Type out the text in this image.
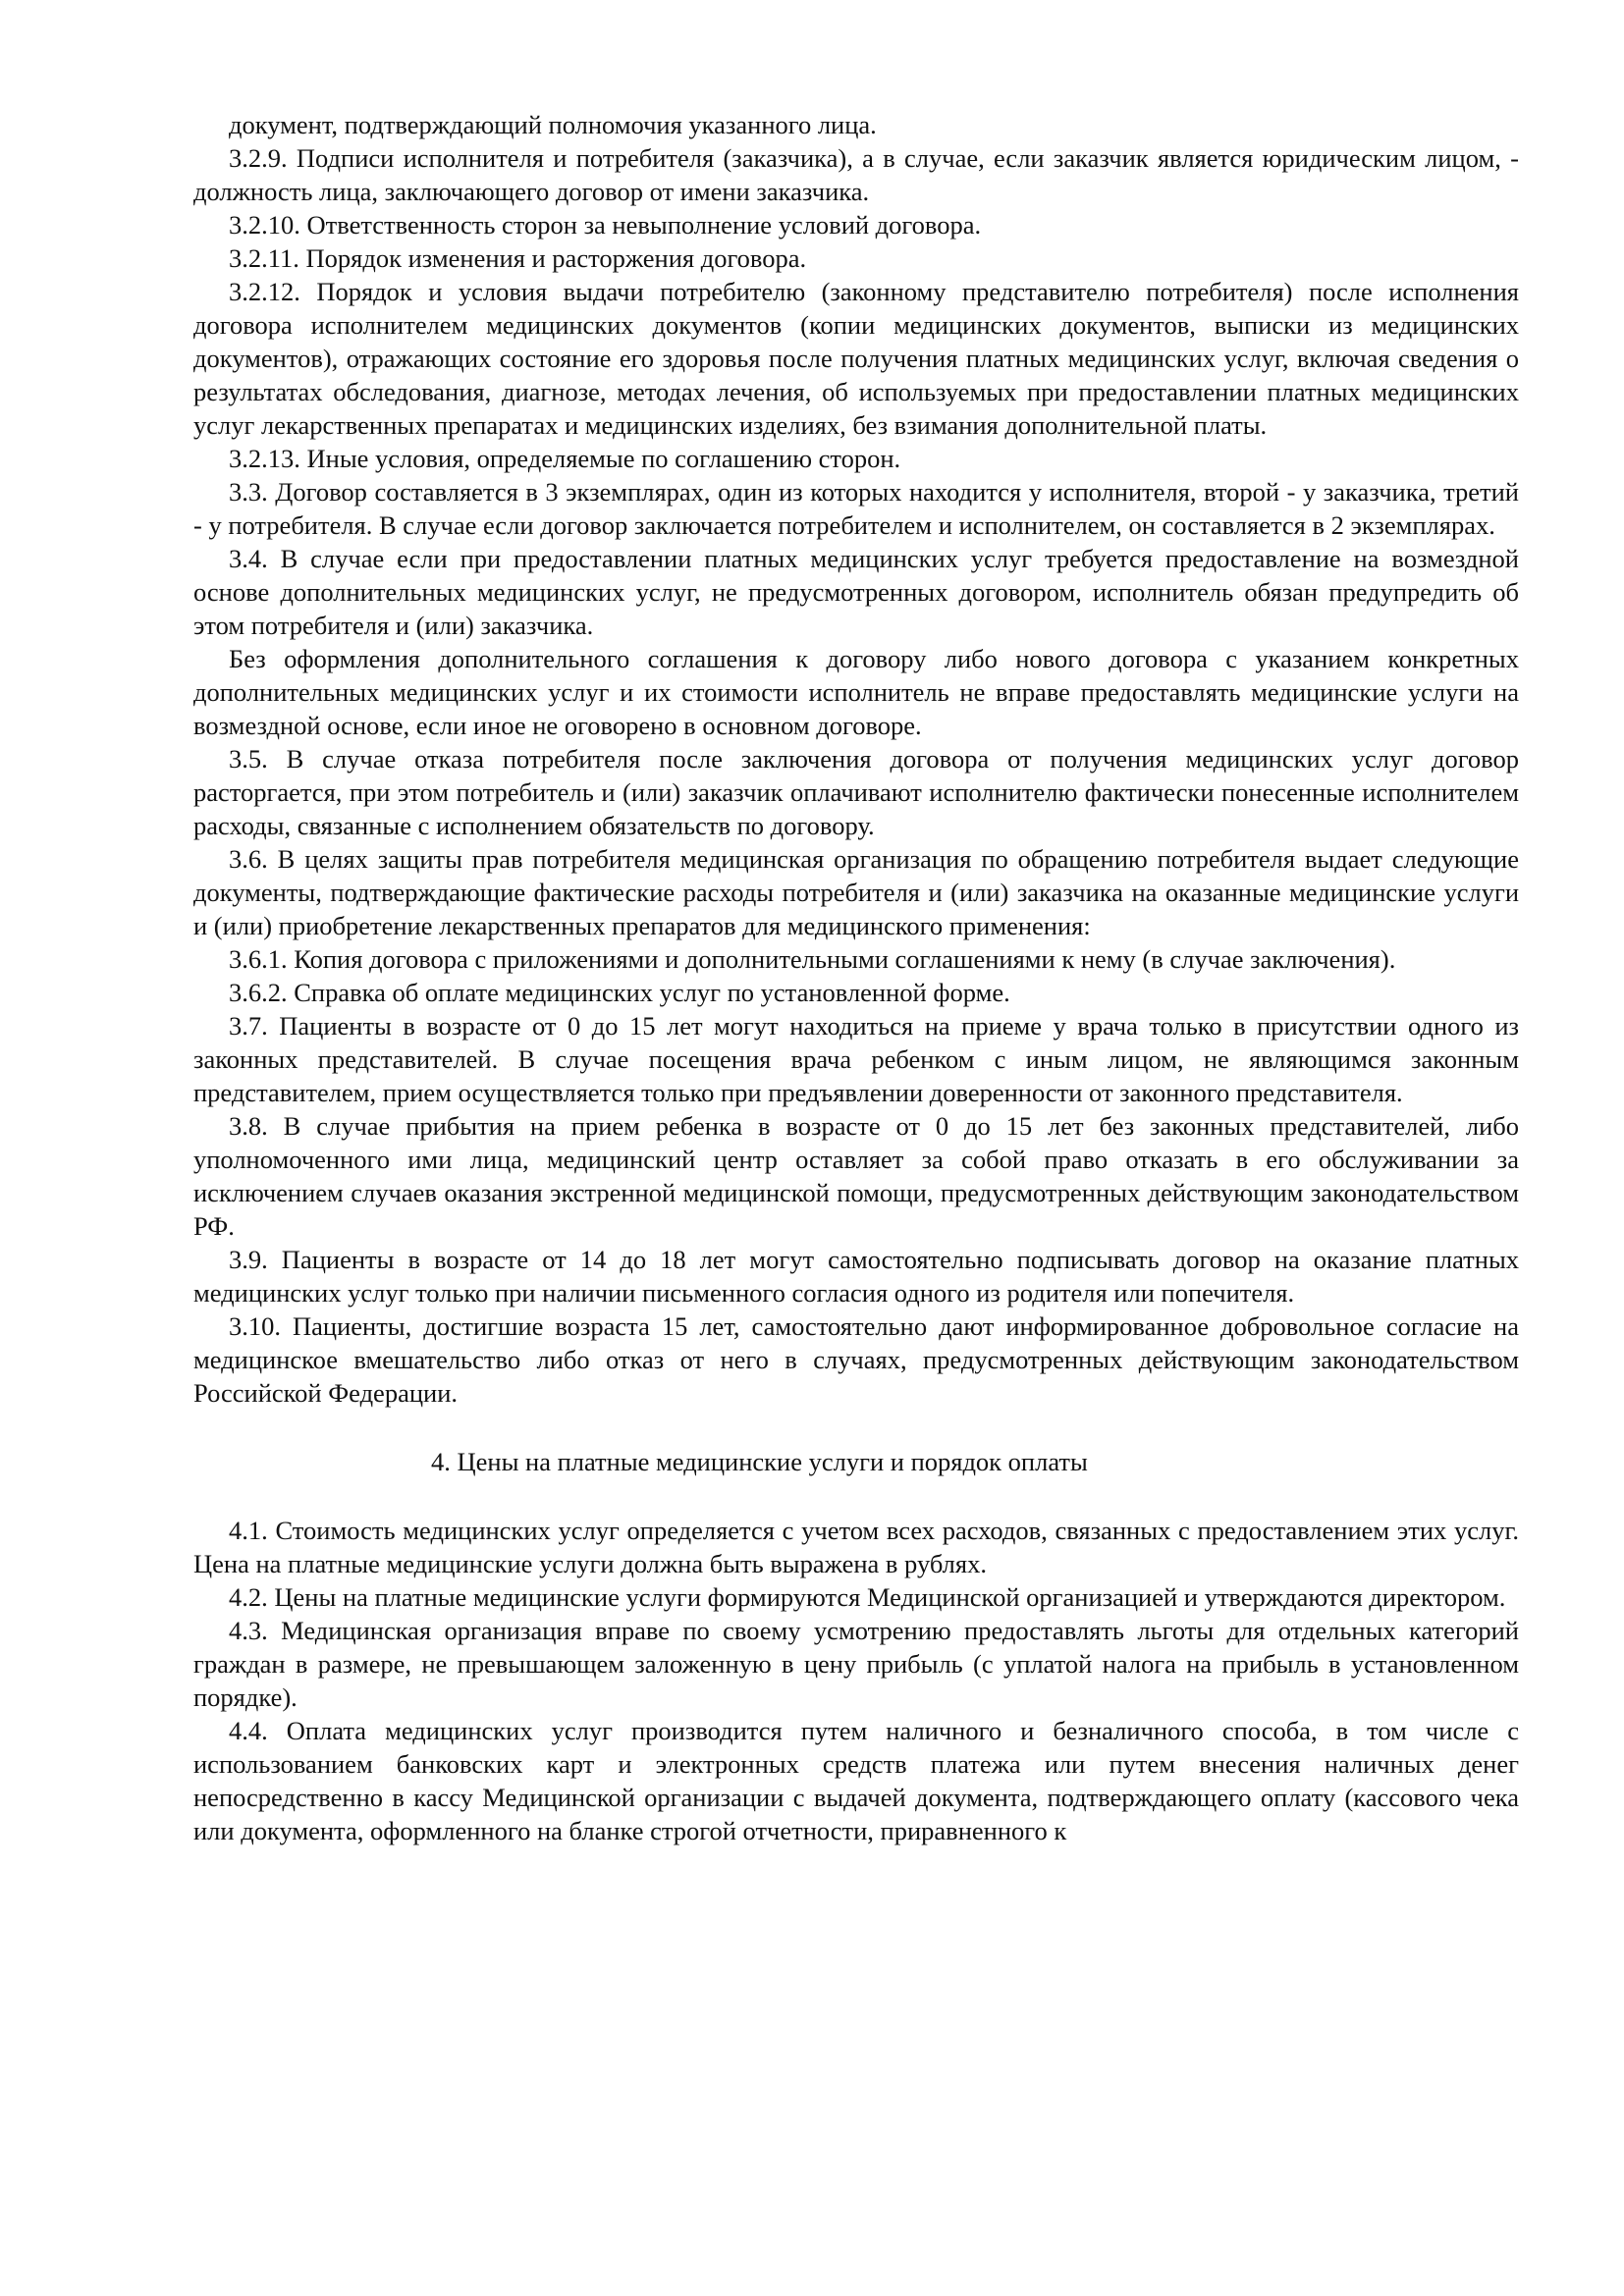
документ, подтверждающий полномочия указанного лица.

3.2.9. Подписи исполнителя и потребителя (заказчика), а в случае, если заказчик является юридическим лицом, - должность лица, заключающего договор от имени заказчика.

3.2.10. Ответственность сторон за невыполнение условий договора.

3.2.11. Порядок изменения и расторжения договора.

3.2.12. Порядок и условия выдачи потребителю (законному представителю потребителя) после исполнения договора исполнителем медицинских документов (копии медицинских документов, выписки из медицинских документов), отражающих состояние его здоровья после получения платных медицинских услуг, включая сведения о результатах обследования, диагнозе, методах лечения, об используемых при предоставлении платных медицинских услуг лекарственных препаратах и медицинских изделиях, без взимания дополнительной платы.

3.2.13. Иные условия, определяемые по соглашению сторон.

3.3. Договор составляется в 3 экземплярах, один из которых находится у исполнителя, второй - у заказчика, третий - у потребителя. В случае если договор заключается потребителем и исполнителем, он составляется в 2 экземплярах.

3.4. В случае если при предоставлении платных медицинских услуг требуется предоставление на возмездной основе дополнительных медицинских услуг, не предусмотренных договором, исполнитель обязан предупредить об этом потребителя и (или) заказчика.

Без оформления дополнительного соглашения к договору либо нового договора с указанием конкретных дополнительных медицинских услуг и их стоимости исполнитель не вправе предоставлять медицинские услуги на возмездной основе, если иное не оговорено в основном договоре.

3.5. В случае отказа потребителя после заключения договора от получения медицинских услуг договор расторгается, при этом потребитель и (или) заказчик оплачивают исполнителю фактически понесенные исполнителем расходы, связанные с исполнением обязательств по договору.

3.6. В целях защиты прав потребителя медицинская организация по обращению потребителя выдает следующие документы, подтверждающие фактические расходы потребителя и (или) заказчика на оказанные медицинские услуги и (или) приобретение лекарственных препаратов для медицинского применения:

3.6.1. Копия договора с приложениями и дополнительными соглашениями к нему (в случае заключения).

3.6.2. Справка об оплате медицинских услуг по установленной форме.

3.7. Пациенты в возрасте от 0 до 15 лет могут находиться на приеме у врача только в присутствии одного из законных представителей. В случае посещения врача ребенком с иным лицом, не являющимся законным представителем, прием осуществляется только при предъявлении доверенности от законного представителя.

3.8. В случае прибытия на прием ребенка в возрасте от 0 до 15 лет без законных представителей, либо уполномоченного ими лица, медицинский центр оставляет за собой право отказать в его обслуживании за исключением случаев оказания экстренной медицинской помощи, предусмотренных действующим законодательством РФ.

3.9. Пациенты в возрасте от 14 до 18 лет могут самостоятельно подписывать договор на оказание платных медицинских услуг только при наличии письменного согласия одного из родителя или попечителя.

3.10. Пациенты, достигшие возраста 15 лет, самостоятельно дают информированное добровольное согласие на медицинское вмешательство либо отказ от него в случаях, предусмотренных действующим законодательством Российской Федерации.

4. Цены на платные медицинские услуги и порядок оплаты

4.1. Стоимость медицинских услуг определяется с учетом всех расходов, связанных с предоставлением этих услуг. Цена на платные медицинские услуги должна быть выражена в рублях.

4.2. Цены на платные медицинские услуги формируются Медицинской организацией и утверждаются директором.

4.3. Медицинская организация вправе по своему усмотрению предоставлять льготы для отдельных категорий граждан в размере, не превышающем заложенную в цену прибыль (с уплатой налога на прибыль в установленном порядке).

4.4. Оплата медицинских услуг производится путем наличного и безналичного способа, в том числе с использованием банковских карт и электронных средств платежа или путем внесения наличных денег непосредственно в кассу Медицинской организации с выдачей документа, подтверждающего оплату (кассового чека или документа, оформленного на бланке строгой отчетности, приравненного к
